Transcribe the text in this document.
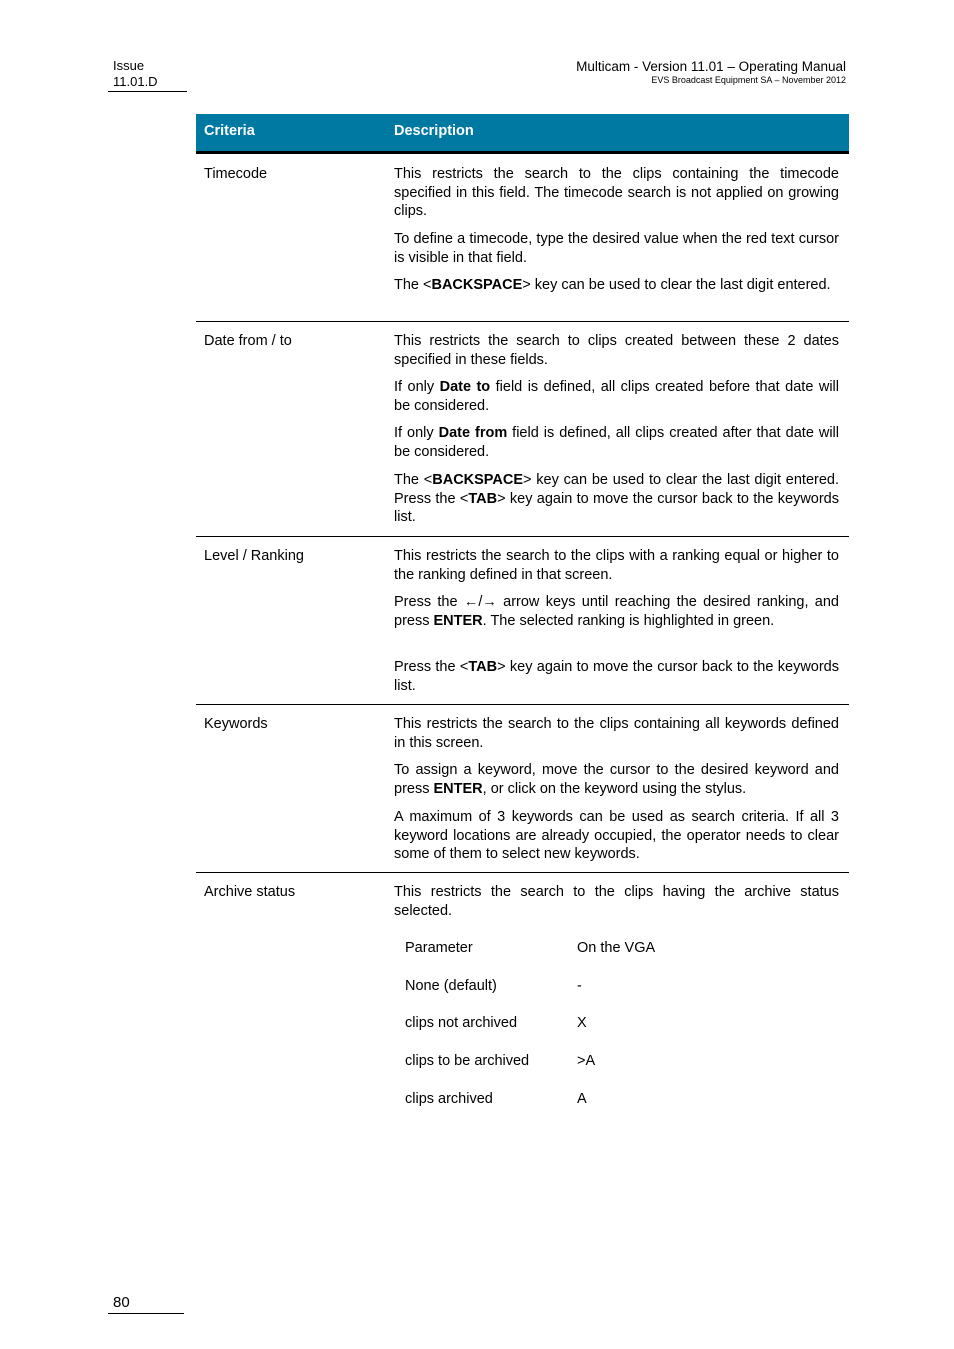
Issue
11.01.D
Multicam - Version 11.01 – Operating Manual
EVS Broadcast Equipment SA – November 2012
Criteria	Description
Timecode	This restricts the search to the clips containing the timecode specified in this field. The timecode search is not applied on growing clips.

To define a timecode, type the desired value when the red text cursor is visible in that field.

The <BACKSPACE> key can be used to clear the last digit entered.

Date from / to	This restricts the search to clips created between these 2 dates specified in these fields.

If only Date to field is defined, all clips created before that date will be considered.

If only Date from field is defined, all clips created after that date will be considered.

The <BACKSPACE> key can be used to clear the last digit entered. Press the <TAB> key again to move the cursor back to the keywords list.

Level / Ranking	This restricts the search to the clips with a ranking equal or higher to the ranking defined in that screen.

Press the ←/→ arrow keys until reaching the desired ranking, and press ENTER. The selected ranking is highlighted in green.

Press the <TAB> key again to move the cursor back to the keywords list.

Keywords	This restricts the search to the clips containing all keywords defined in this screen.

To assign a keyword, move the cursor to the desired keyword and press ENTER, or click on the keyword using the stylus.

A maximum of 3 keywords can be used as search criteria. If all 3 keyword locations are already occupied, the operator needs to clear some of them to select new keywords.

Archive status	This restricts the search to the clips having the archive status selected.

Parameter	On the VGA
None (default)	-
clips not archived	X
clips to be archived	>A
clips archived	A
80
